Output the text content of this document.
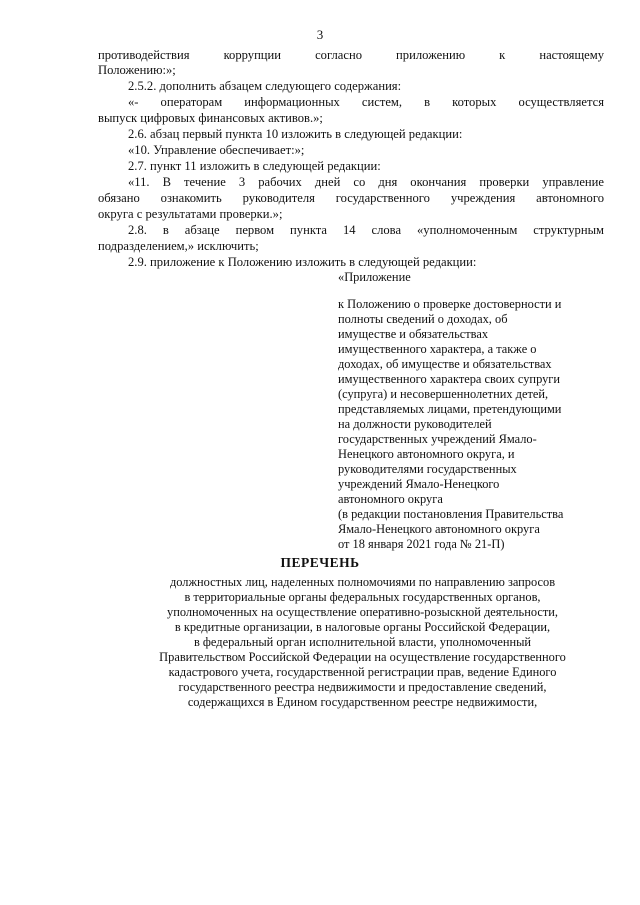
3
противодействия коррупции согласно приложению к настоящему
Положению:»;
2.5.2. дополнить абзацем следующего содержания:
«- операторам информационных систем, в которых осуществляется
выпуск цифровых финансовых активов.»;
2.6. абзац первый пункта 10 изложить в следующей редакции:
«10. Управление обеспечивает:»;
2.7. пункт 11 изложить в следующей редакции:
«11. В течение 3 рабочих дней со дня окончания проверки управление
обязано ознакомить руководителя государственного учреждения автономного
округа с результатами проверки.»;
2.8. в абзаце первом пункта 14 слова «уполномоченным структурным
подразделением,» исключить;
2.9. приложение к Положению изложить в следующей редакции:
«Приложение
к Положению о проверке достоверности и
полноты сведений о доходах, об
имуществе и обязательствах
имущественного характера, а также о
доходах, об имуществе и обязательствах
имущественного характера своих супруги
(супруга) и несовершеннолетних детей,
представляемых лицами, претендующими
на должности руководителей
государственных учреждений Ямало-
Ненецкого автономного округа, и
руководителями государственных
учреждений Ямало-Ненецкого
автономного округа
(в редакции постановления Правительства
Ямало-Ненецкого автономного округа
от 18 января 2021 года № 21-П)
ПЕРЕЧЕНЬ
должностных лиц, наделенных полномочиями по направлению запросов
в территориальные органы федеральных государственных органов,
уполномоченных на осуществление оперативно-розыскной деятельности,
в кредитные организации, в налоговые органы Российской Федерации,
в федеральный орган исполнительной власти, уполномоченный
Правительством Российской Федерации на осуществление государственного
кадастрового учета, государственной регистрации прав, ведение Единого
государственного реестра недвижимости и предоставление сведений,
содержащихся в Едином государственном реестре недвижимости,
